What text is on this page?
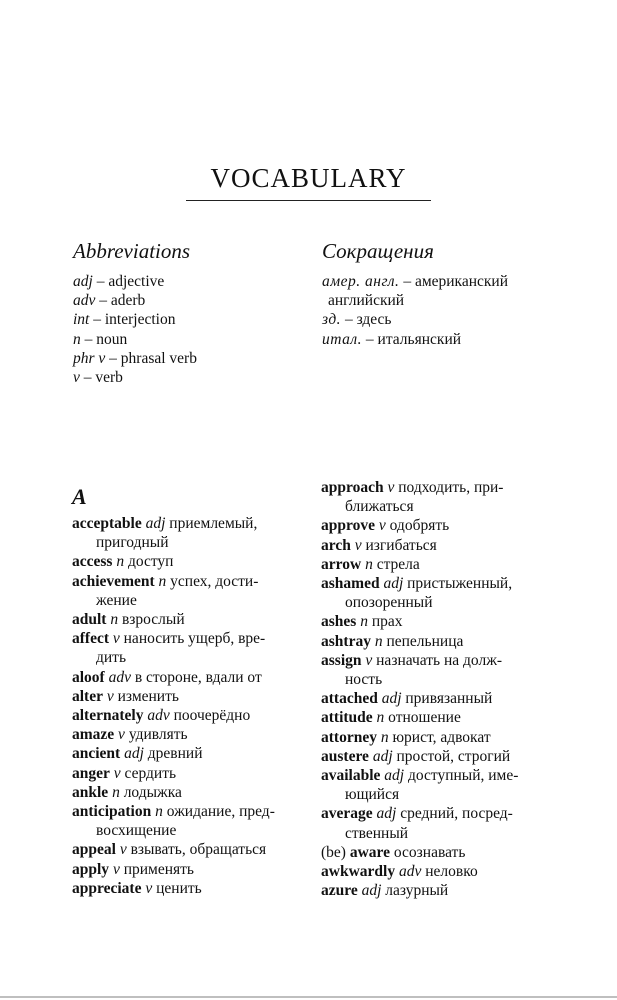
VOCABULARY
Abbreviations

adj – adjective

adv – aderb

int – interjection

n – noun

phr v – phrasal verb

v – verb

Сокращения

амер. англ. – американский
английский

зд. – здесь

итал. – итальянский

A

acceptable adj приемлемый,
пригодный

access n доступ

achievement n успех, дости-
жение

adult n взрослый

affect v наносить ущерб, вре-
дить

aloof adv в стороне, вдали от

alter v изменить

alternately adv поочерёдно

amaze v удивлять

ancient adj древний

anger v сердить

ankle n лодыжка

anticipation n ожидание, пред-
восхищение

appeal v взывать, обращаться

apply v применять

appreciate v ценить

approach v подходить, при-
ближаться

approve v одобрять

arch v изгибаться

arrow n стрела

ashamed adj пристыженный,
опозоренный

ashes n прах

ashtray n пепельница

assign v назначать на долж-
ность

attached adj привязанный

attitude n отношение

attorney n юрист, адвокат

austere adj простой, строгий

available adj доступный, име-
ющийся

average adj средний, посред-
ственный

(be) aware осознавать

awkwardly adv неловко

azure adj лазурный
